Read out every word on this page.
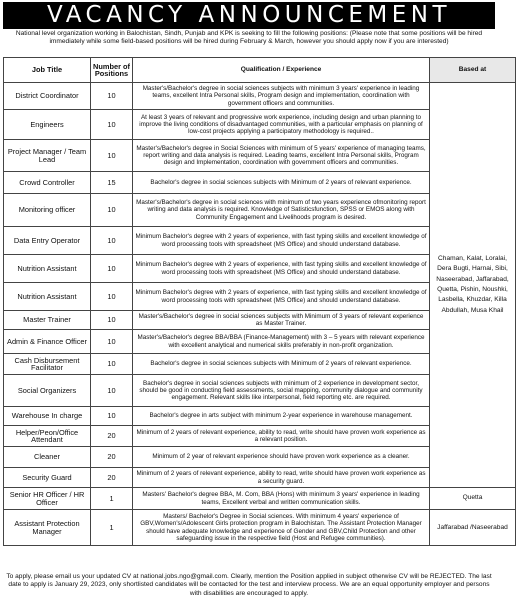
VACANCY ANNOUNCEMENT
National level organization working in Balochistan, Sindh, Punjab and KPK is seeking to fill the following positions: (Please note that some positions will be hired immediately while some field-based positions will be hired during February & March, however you should apply now if you are interested)
Job Title	Number of Positions	Qualification / Experience	Based at
District Coordinator	10	Master's/Bachelor's degree in social sciences subjects with minimum 3 years' experience in leading teams, excellent Intra Personal skills, Program design and implementation, coordination with government officers and communities.	Chaman, Kalat, Loralai, Dera Bugti, Harnai, Sibi, Naseerabad, Jaffarabad, Quetta, Pishin, Noushki, Lasbella, Khuzdar, Killa Abdullah, Musa Khail
Engineers	10	At least 3 years of relevant and progressive work experience, including design and urban planning to improve the living conditions of disadvantaged communities, with a particular emphasis on planning of low-cost projects applying a participatory methodology is required..	
Project Manager / Team Lead	10	Master's/Bachelor's degree in Social Sciences with minimum of 5 years' experience of managing teams, report writing and data analysis is required. Leading teams, excellent Intra Personal skills, Program design and Implementation, coordination with government officers and communities.	
Crowd Controller	15	Bachelor's degree in social sciences subjects with Minimum of 2 years of relevant experience.	
Monitoring officer	10	Master's/Bachelor's degree in social sciences with minimum of two years experience ofmonitoring report writing and data analysis is required. Knowledge of Satisticsfunction, SPSS or EMOS along with Community Engagement and Livelihoods program is desired.	
Data Entry Operator	10	Minimum Bachelor's degree with 2 years of experience, with fast typing skills and excellent knowledge of word processing tools with spreadsheet (MS Office) and should understand database.	
Nutrition Assistant	10	Minimum Bachelor's degree with 2 years of experience, with fast typing skills and excellent knowledge of word processing tools with spreadsheet (MS Office) and should understand database.	
Nutrition Assistant	10	Minimum Bachelor's degree with 2 years of experience, with fast typing skills and excellent knowledge of word processing tools with spreadsheet (MS Office) and should understand database.	
Master Trainer	10	Master's/Bachelor's degree in social sciences subjects with Minimum of 3 years of relevant experience as Master Trainer.	
Admin & Finance Officer	10	Master's/Bachelor's degree BBA/BBA (Finance-Management) with 3 – 5 years with relevant experience with excellent analytical and numerical skills preferably in non-profit organization.	
Cash Disbursement Facilitator	10	Bachelor's degree in social sciences subjects with Minimum of 2 years of relevant experience.	
Social Organizers	10	Bachelor's degree in social sciences subjects with minimum of 2 experience in development sector, should be good in conducting field assessments, social mapping, community dialogue and community engagement. Relevant skills like interpersonal, field reporting etc. are required.	
Warehouse In charge	10	Bachelor's degree in arts subject with minimum 2-year experience in warehouse management.	
Helper/Peon/Office Attendant	20	Minimum of 2 years of relevant experience, ability to read, write should have proven work experience as a relevant position.	
Cleaner	20	Minimum of 2 year of relevant experience should have proven work experience as a cleaner.	
Security Guard	20	Minimum of 2 years of relevant experience, ability to read, write should have proven work experience as a security guard.	
Senior HR Officer / HR Officer	1	Masters' Bachelor's degree BBA, M. Com, BBA (Hons) with minimum 3 years' experience in leading teams, Excellent verbal and written communication skills.	Quetta
Assistant Protection Manager	1	Masters/ Bachelor's Degree in Social sciences. With minimum 4 years' experience of GBV,Women's/Adolescent Girls protection program in Balochistan. The Assistant Protection Manager should have adequate knowledge and experience of Gender and GBV,Child Protection and other safeguarding issue in the respective field (Host and Refugee communities).	Jaffarabad /Naseerabad
To apply, please email us your updated CV at national.jobs.ngo@gmail.com. Clearly, mention the Position applied in subject otherwise CV will be REJECTED. The last date to apply is January 29, 2023, only shortlisted candidates will be contacted for the test and interview process. We are an equal opportunity employer and persons with disabilities are encouraged to apply.
